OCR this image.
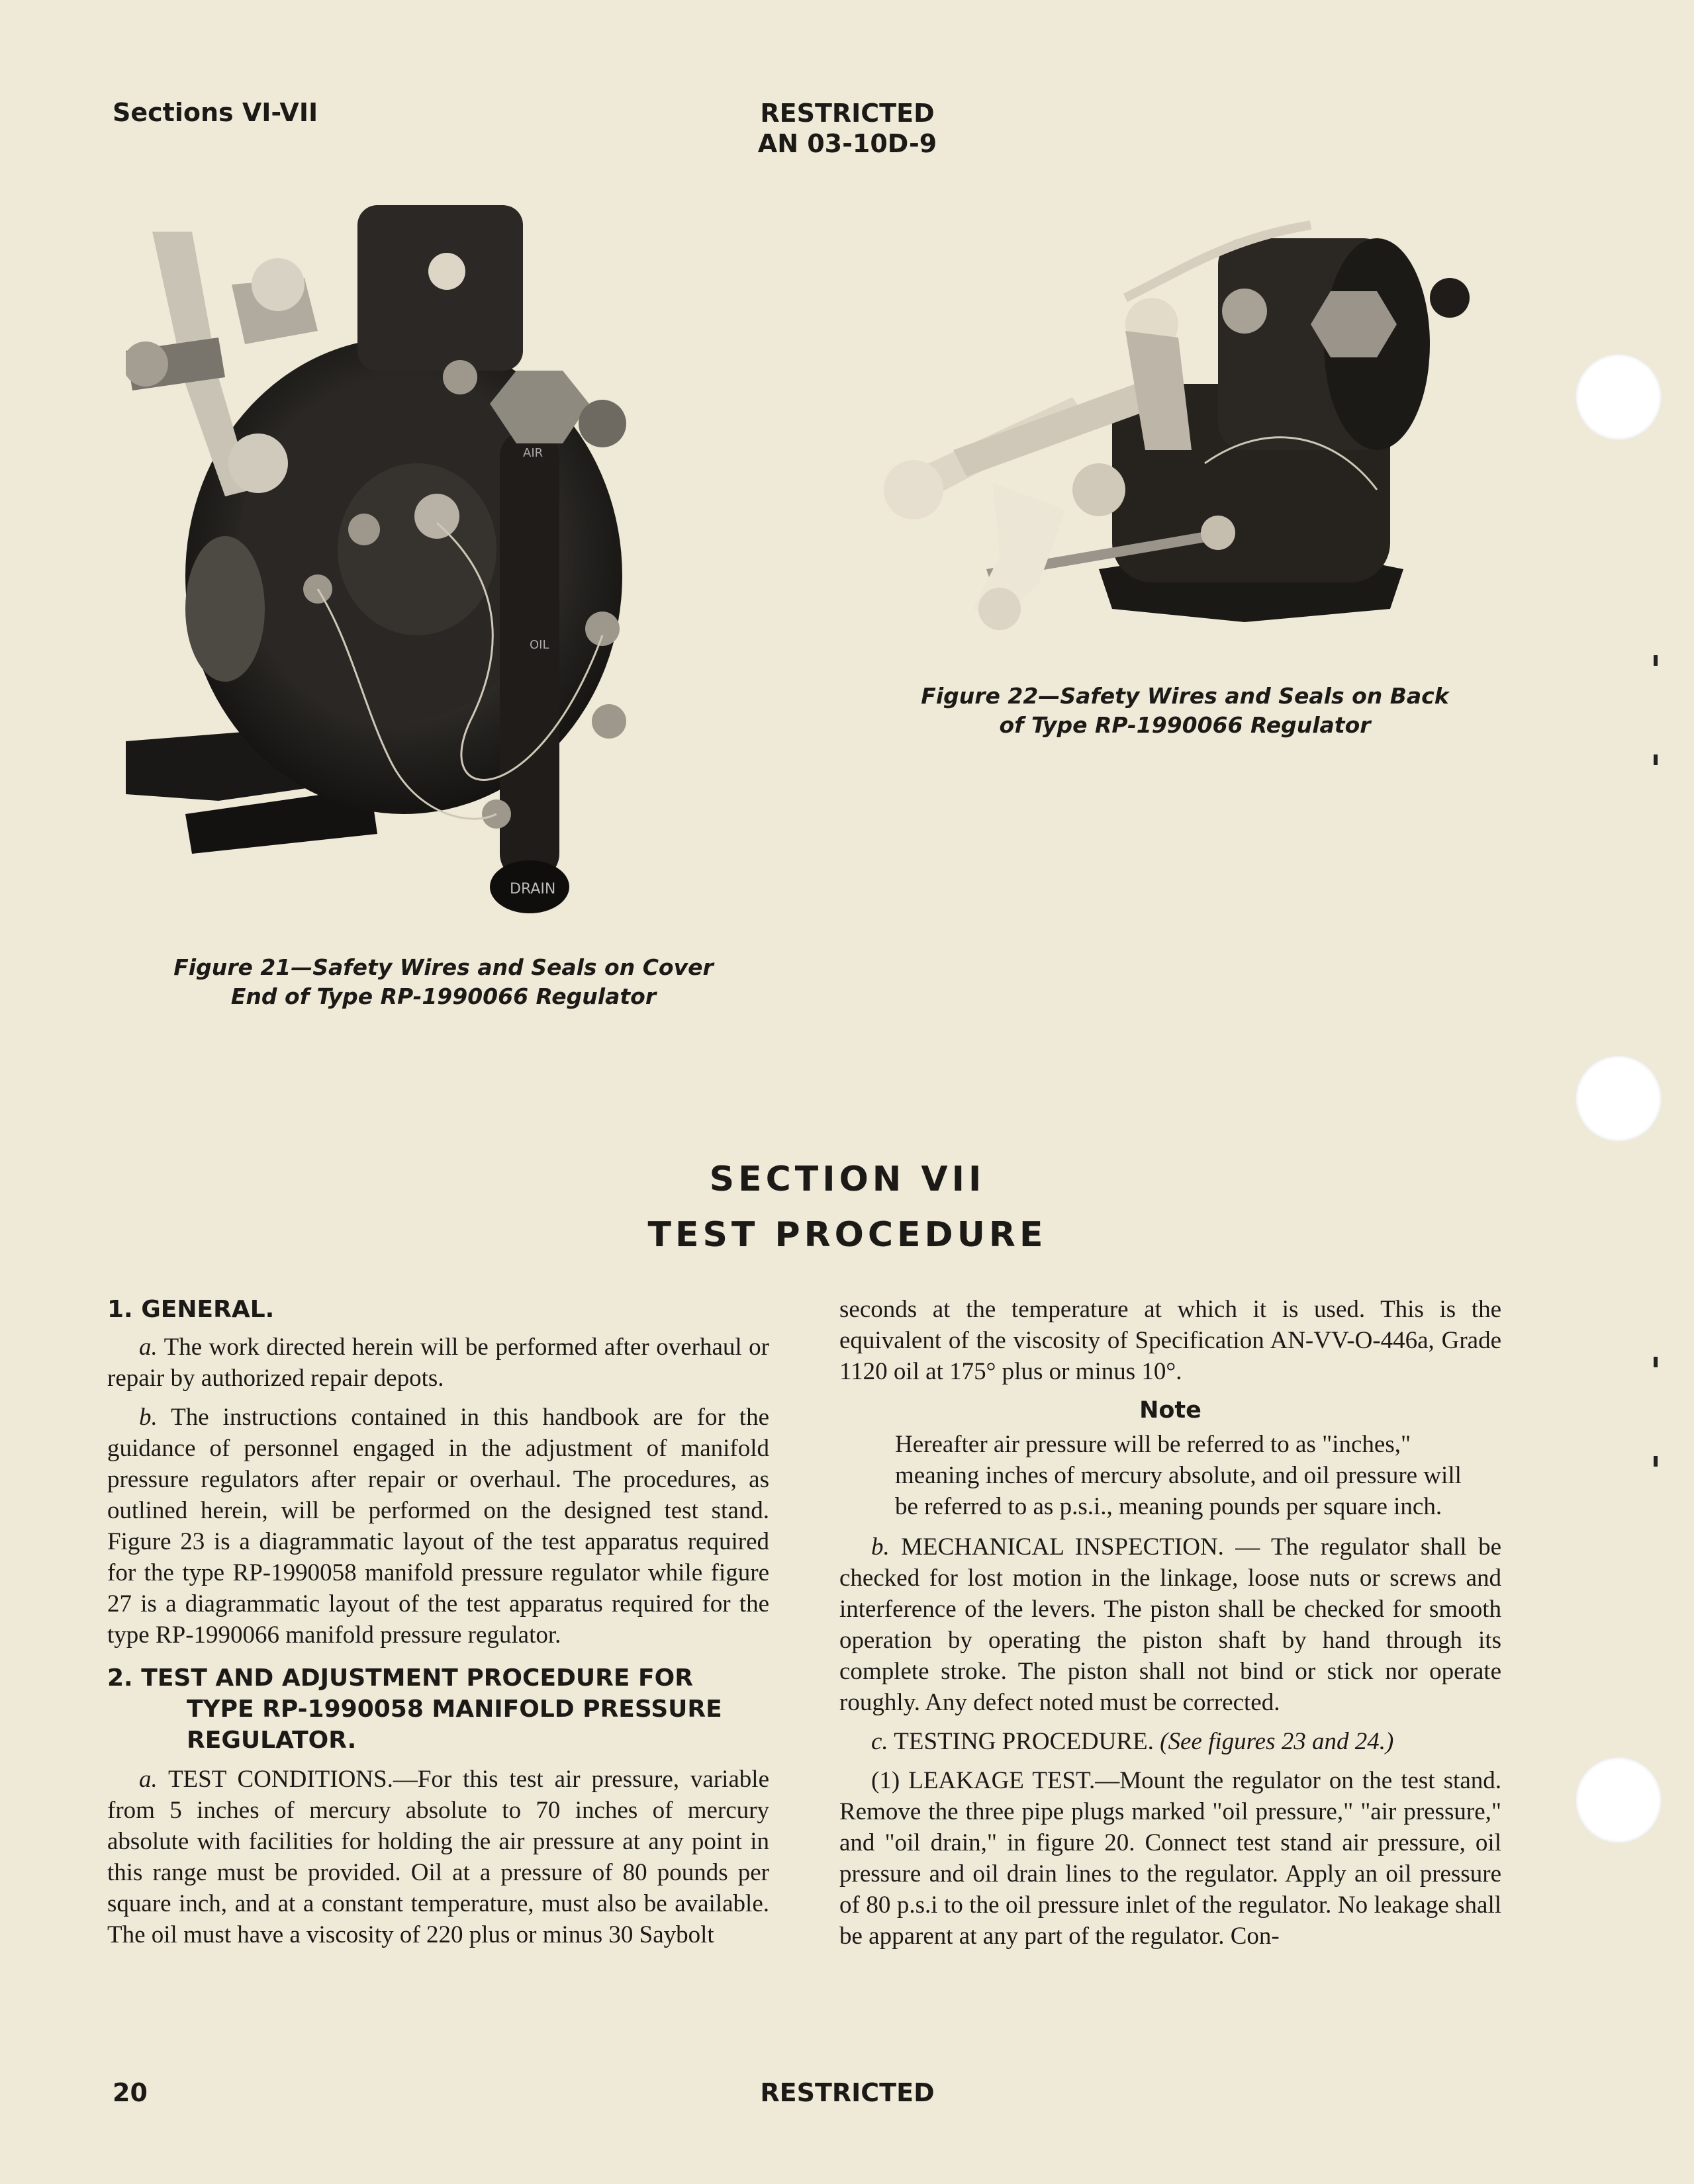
Sections VI-VII	RESTRICTED
AN 03-10D-9
DRAIN
AIR
OIL
Figure 21—Safety Wires and Seals on Cover
End of Type RP-1990066 Regulator
Figure 22—Safety Wires and Seals on Back
of Type RP-1990066 Regulator
SECTION VII
TEST PROCEDURE

1. GENERAL.

a. The work directed herein will be performed after overhaul or repair by authorized repair depots.

b. The instructions contained in this handbook are for the guidance of personnel engaged in the adjustment of manifold pressure regulators after repair or overhaul. The procedures, as outlined herein, will be performed on the designed test stand. Figure 23 is a diagrammatic layout of the test apparatus required for the type RP-1990058 manifold pressure regulator while figure 27 is a diagrammatic layout of the test apparatus required for the type RP-1990066 manifold pressure regulator.

2. TEST AND ADJUSTMENT PROCEDURE FOR
TYPE RP-1990058 MANIFOLD PRESSURE
REGULATOR.

a. TEST CONDITIONS.—For this test air pressure, variable from 5 inches of mercury absolute to 70 inches of mercury absolute with facilities for holding the air pressure at any point in this range must be provided. Oil at a pressure of 80 pounds per square inch, and at a constant temperature, must also be available. The oil must have a viscosity of 220 plus or minus 30 Saybolt

seconds at the temperature at which it is used. This is the equivalent of the viscosity of Specification AN-VV-O-446a, Grade 1120 oil at 175° plus or minus 10°.

Note

Hereafter air pressure will be referred to as "inches," meaning inches of mercury absolute, and oil pressure will be referred to as p.s.i., meaning pounds per square inch.

b. MECHANICAL INSPECTION. — The regulator shall be checked for lost motion in the linkage, loose nuts or screws and interference of the levers. The piston shall be checked for smooth operation by operating the piston shaft by hand through its complete stroke. The piston shall not bind or stick nor operate roughly. Any defect noted must be corrected.

c. TESTING PROCEDURE. (See figures 23 and 24.)

(1) LEAKAGE TEST.—Mount the regulator on the test stand. Remove the three pipe plugs marked "oil pressure," "air pressure," and "oil drain," in figure 20. Connect test stand air pressure, oil pressure and oil drain lines to the regulator. Apply an oil pressure of 80 p.s.i to the oil pressure inlet of the regulator. No leakage shall be apparent at any part of the regulator. Con-

20	RESTRICTED
